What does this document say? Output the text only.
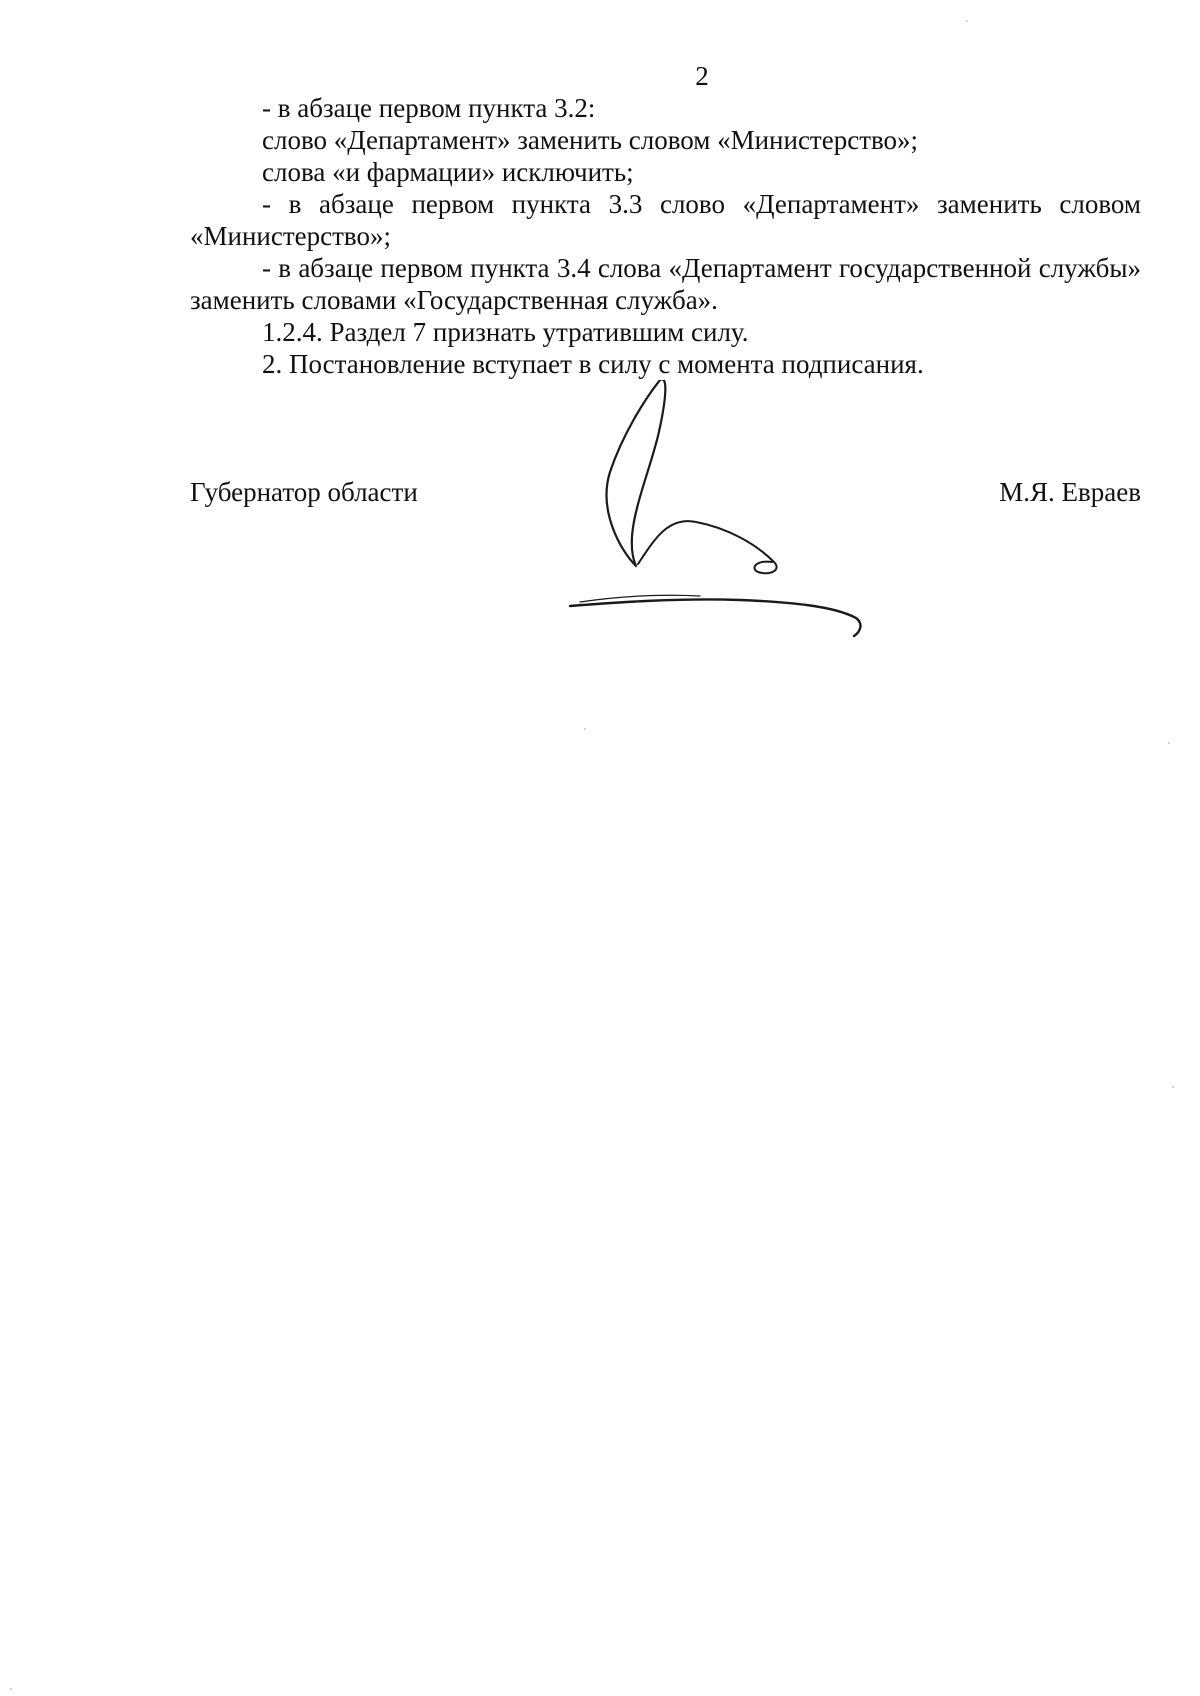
2

- в абзаце первом пункта 3.2:

слово «Департамент» заменить словом «Министерство»;

слова «и фармации» исключить;

- в абзаце первом пункта 3.3 слово «Департамент» заменить словом «Министерство»;

- в абзаце первом пункта 3.4 слова «Департамент государственной службы» заменить словами «Государственная служба».

1.2.4. Раздел 7 признать утратившим силу.

2. Постановление вступает в силу с момента подписания.

Губернатор области	М.Я. Евраев
